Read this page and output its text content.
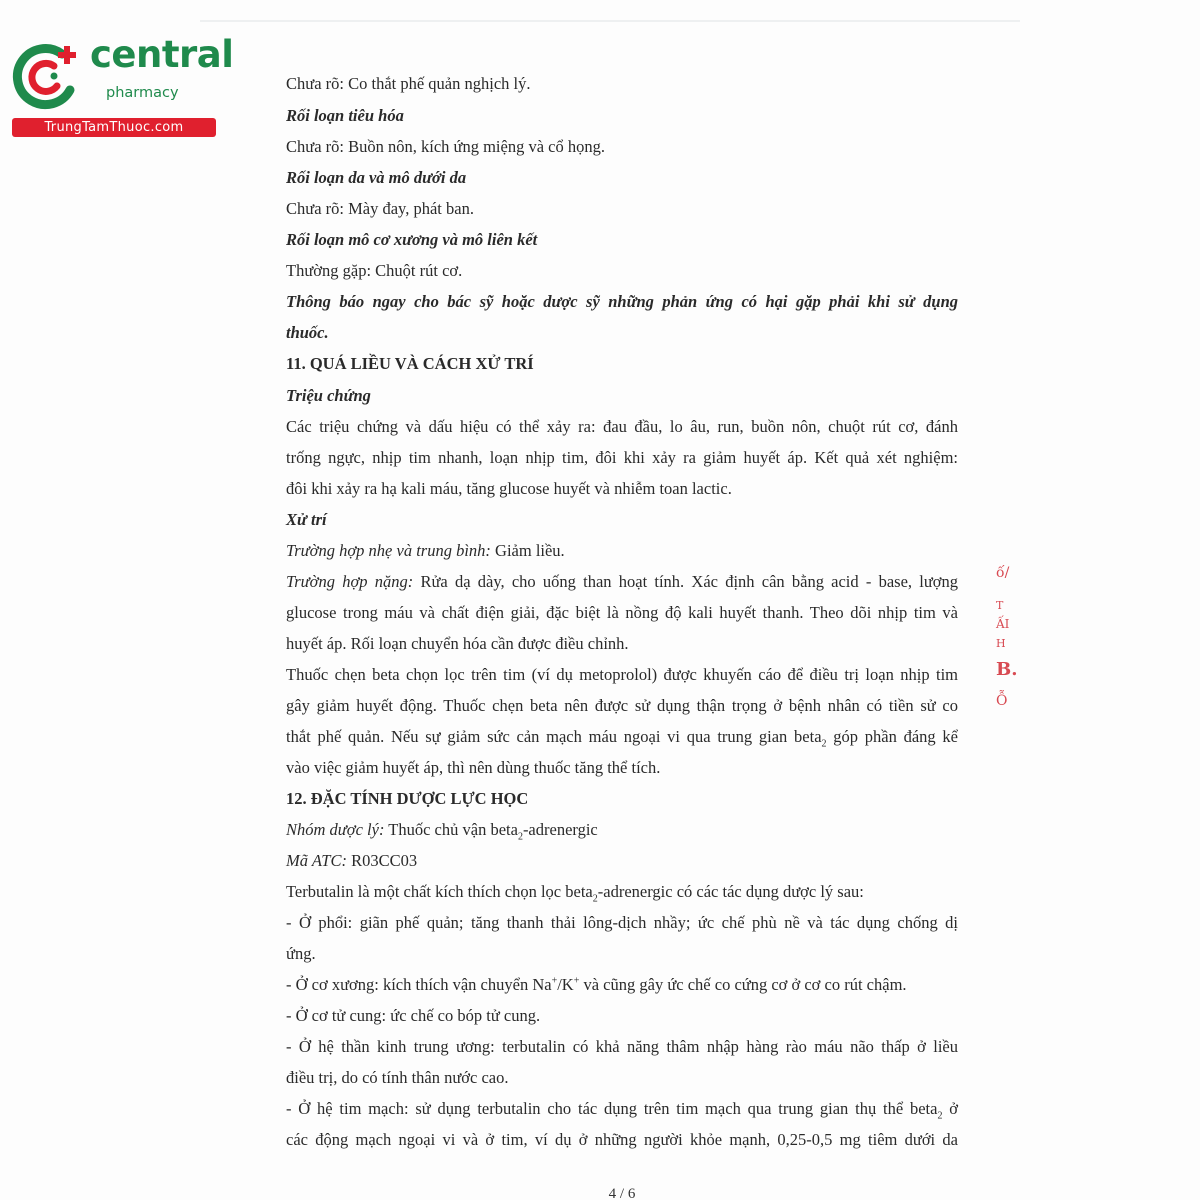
central
pharmacy
TrungTamThuoc.com
Chưa rõ: Co thắt phế quản nghịch lý.
Rối loạn tiêu hóa
Chưa rõ: Buồn nôn, kích ứng miệng và cổ họng.
Rối loạn da và mô dưới da
Chưa rõ: Mày đay, phát ban.
Rối loạn mô cơ xương và mô liên kết
Thường gặp: Chuột rút cơ.
Thông báo ngay cho bác sỹ hoặc dược sỹ những phản ứng có hại gặp phải khi sử dụng
thuốc.
11. QUÁ LIỀU VÀ CÁCH XỬ TRÍ
Triệu chứng
Các triệu chứng và dấu hiệu có thể xảy ra: đau đầu, lo âu, run, buồn nôn, chuột rút cơ, đánh
trống ngực, nhịp tim nhanh, loạn nhịp tim, đôi khi xảy ra giảm huyết áp. Kết quả xét nghiệm:
đôi khi xảy ra hạ kali máu, tăng glucose huyết và nhiễm toan lactic.
Xử trí
Trường hợp nhẹ và trung bình: Giảm liều.
Trường hợp nặng: Rửa dạ dày, cho uống than hoạt tính. Xác định cân bằng acid - base, lượng
glucose trong máu và chất điện giải, đặc biệt là nồng độ kali huyết thanh. Theo dõi nhịp tim và
huyết áp. Rối loạn chuyển hóa cần được điều chỉnh.
Thuốc chẹn beta chọn lọc trên tim (ví dụ metoprolol) được khuyến cáo để điều trị loạn nhịp tim
gây giảm huyết động. Thuốc chẹn beta nên được sử dụng thận trọng ở bệnh nhân có tiền sử co
thắt phế quản. Nếu sự giảm sức cản mạch máu ngoại vi qua trung gian beta$_2$ góp phần đáng kể
vào việc giảm huyết áp, thì nên dùng thuốc tăng thể tích.
12. ĐẶC TÍNH DƯỢC LỰC HỌC
Nhóm dược lý: Thuốc chủ vận beta$_2$-adrenergic
Mã ATC: R03CC03
Terbutalin là một chất kích thích chọn lọc beta$_2$-adrenergic có các tác dụng dược lý sau:
- Ở phổi: giãn phế quản; tăng thanh thải lông-dịch nhầy; ức chế phù nề và tác dụng chống dị
ứng.
- Ở cơ xương: kích thích vận chuyển Na+/K+ và cũng gây ức chế co cứng cơ ở cơ co rút chậm.
- Ở cơ tử cung: ức chế co bóp tử cung.
- Ở hệ thần kinh trung ương: terbutalin có khả năng thâm nhập hàng rào máu não thấp ở liều
điều trị, do có tính thân nước cao.
- Ở hệ tim mạch: sử dụng terbutalin cho tác dụng trên tim mạch qua trung gian thụ thể beta$_2$ ở
các động mạch ngoại vi và ở tim, ví dụ ở những người khỏe mạnh, 0,25-0,5 mg tiêm dưới da
ố/
T
ẤI
H
B.
Ỗ
4 / 6
